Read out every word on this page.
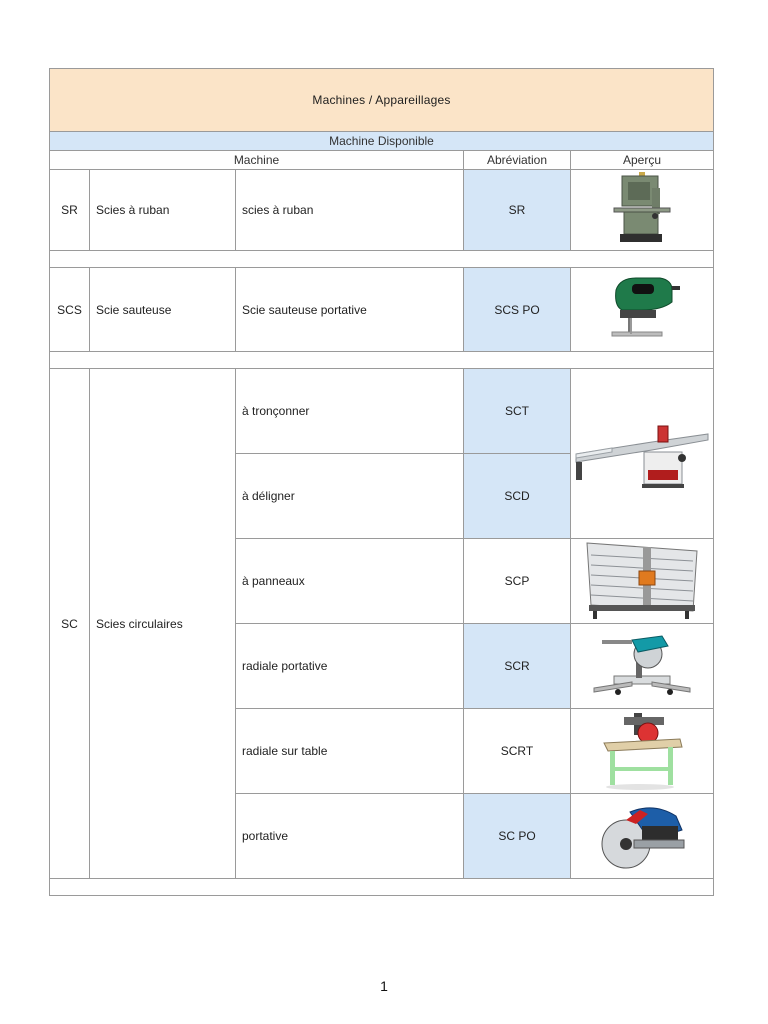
Machines / Appareillages				
Machine Disponible				
Machine			Abréviation	Aperçu
SR	Scies à ruban	scies à ruban	SR	

SCS	Scie sauteuse	Scie sauteuse portative	SCS PO	

SC	Scies circulaires	à tronçonner	SCT	

		à déligner	SCD	
		à panneaux	SCP	

		radiale portative	SCR	

		radiale sur table	SCRT	

		portative	SC PO	

1
